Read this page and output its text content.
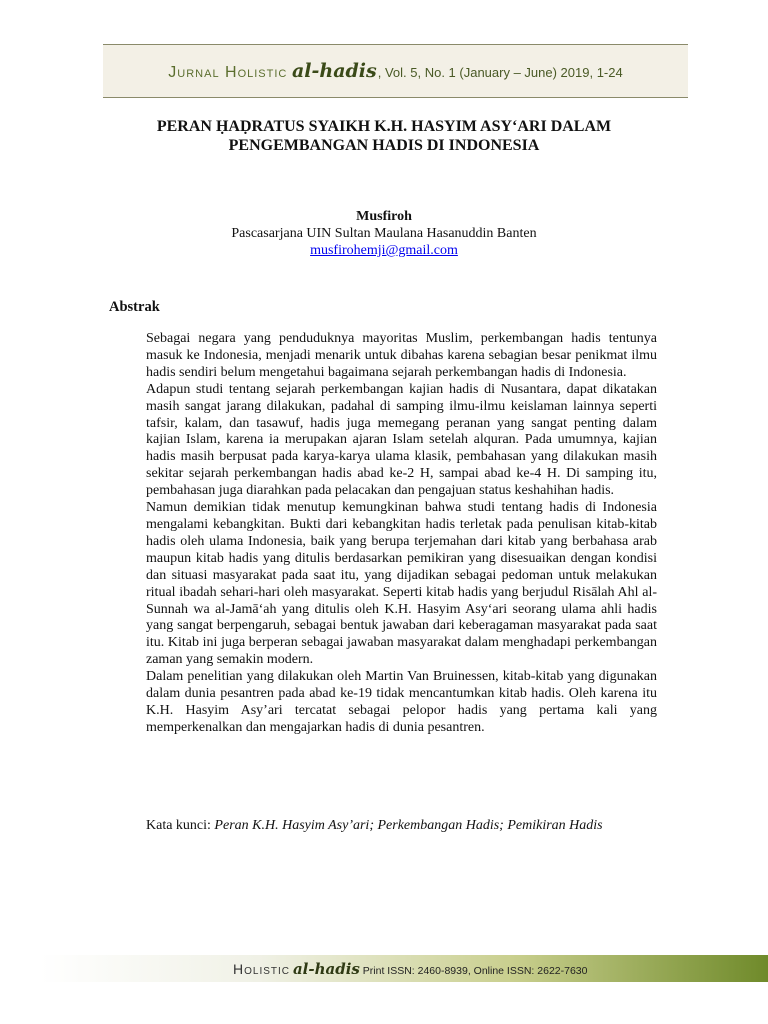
Jurnal Holistic al-hadis, Vol. 5, No. 1 (January – June) 2019, 1-24
PERAN ḤAḌRATUS SYAIKH K.H. HASYIM ASY‘ARI DALAM
PENGEMBANGAN HADIS DI INDONESIA
Musfiroh
Pascasarjana UIN Sultan Maulana Hasanuddin Banten
musfirohemji@gmail.com
Abstrak

Sebagai negara yang penduduknya mayoritas Muslim, perkembangan hadis tentunya masuk ke Indonesia, menjadi menarik untuk dibahas karena sebagian besar penikmat ilmu hadis sendiri belum mengetahui bagaimana sejarah perkembangan hadis di Indonesia.

Adapun studi tentang sejarah perkembangan kajian hadis di Nusantara, dapat dikatakan masih sangat jarang dilakukan, padahal di samping ilmu-ilmu keislaman lainnya seperti tafsir, kalam, dan tasawuf, hadis juga memegang peranan yang sangat penting dalam kajian Islam, karena ia merupakan ajaran Islam setelah alquran. Pada umumnya, kajian hadis masih berpusat pada karya-karya ulama klasik, pembahasan yang dilakukan masih sekitar sejarah perkembangan hadis abad ke-2 H, sampai abad ke-4 H. Di samping itu, pembahasan juga diarahkan pada pelacakan dan pengajuan status keshahihan hadis.

Namun demikian tidak menutup kemungkinan bahwa studi tentang hadis di Indonesia mengalami kebangkitan. Bukti dari kebangkitan hadis terletak pada penulisan kitab-kitab hadis oleh ulama Indonesia, baik yang berupa terjemahan dari kitab yang berbahasa arab maupun kitab hadis yang ditulis berdasarkan pemikiran yang disesuaikan dengan kondisi dan situasi masyarakat pada saat itu, yang dijadikan sebagai pedoman untuk melakukan ritual ibadah sehari-hari oleh masyarakat. Seperti kitab hadis yang berjudul Risālah Ahl al-Sunnah wa al-Jamā‘ah yang ditulis oleh K.H. Hasyim Asy‘ari seorang ulama ahli hadis yang sangat berpengaruh, sebagai bentuk jawaban dari keberagaman masyarakat pada saat itu. Kitab ini juga berperan sebagai jawaban masyarakat dalam menghadapi perkembangan zaman yang semakin modern.

Dalam penelitian yang dilakukan oleh Martin Van Bruinessen, kitab-kitab yang digunakan dalam dunia pesantren pada abad ke-19 tidak mencantumkan kitab hadis. Oleh karena itu K.H. Hasyim Asy’ari tercatat sebagai pelopor hadis yang pertama kali yang memperkenalkan dan mengajarkan hadis di dunia pesantren.

Kata kunci: Peran K.H. Hasyim Asy’ari; Perkembangan Hadis; Pemikiran Hadis
Holistic al-hadis Print ISSN: 2460-8939, Online ISSN: 2622-7630
